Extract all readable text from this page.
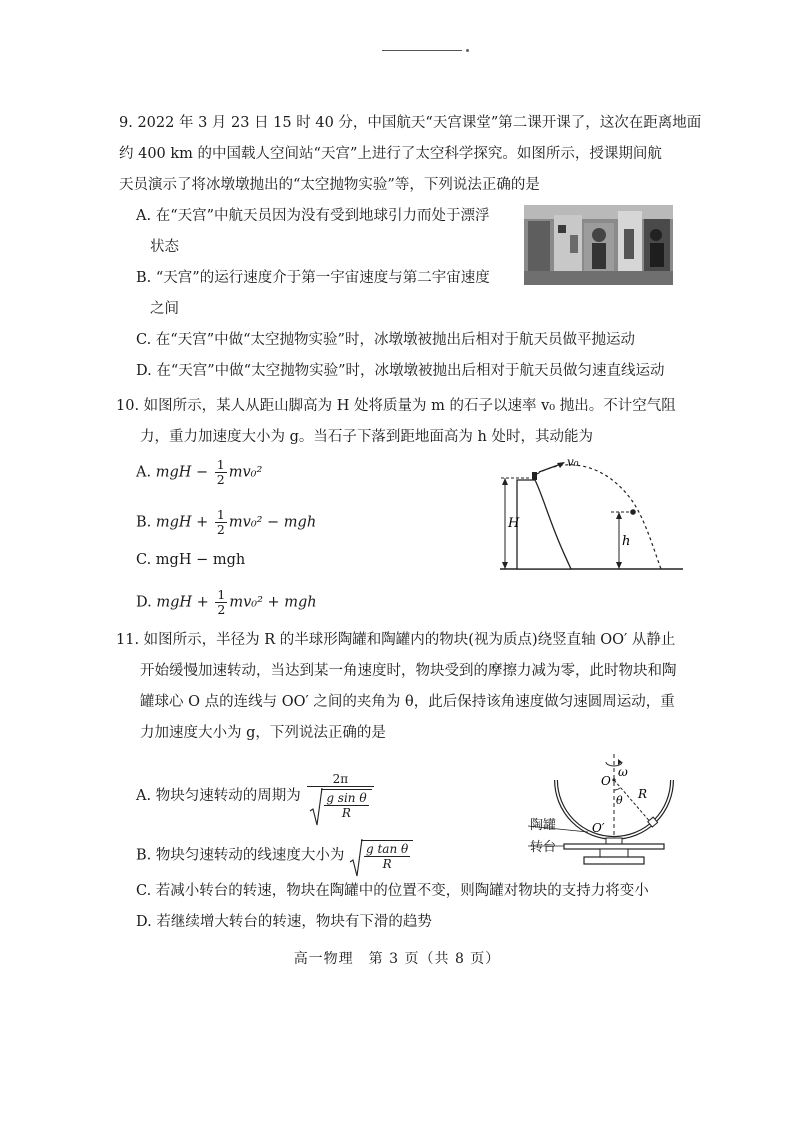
9. 2022 年 3 月 23 日 15 时 40 分，中国航天“天宫课堂”第二课开课了，这次在距离地面
约 400 km 的中国载人空间站“天宫”上进行了太空科学探究。如图所示，授课期间航
天员演示了将冰墩墩抛出的“太空抛物实验”等，下列说法正确的是
A. 在“天宫”中航天员因为没有受到地球引力而处于漂浮
状态
B. “天宫”的运行速度介于第一宇宙速度与第二宇宙速度
之间
C. 在“天宫”中做“太空抛物实验”时，冰墩墩被抛出后相对于航天员做平抛运动
D. 在“天宫”中做“太空抛物实验”时，冰墩墩被抛出后相对于航天员做匀速直线运动
10. 如图所示，某人从距山脚高为 H 处将质量为 m 的石子以速率 v₀ 抛出。不计空气阻
力，重力加速度大小为 g。当石子下落到距地面高为 h 处时，其动能为
A. mgH − $\frac{1}{2} mv_0^2$
B. mgH + $\frac{1}{2} mv_0^2$ − mgh
C. mgH − mgh
D. mgH + $\frac{1}{2} mv_0^2$ + mgh
H
v₀
h
11. 如图所示，半径为 R 的半球形陶罐和陶罐内的物块(视为质点)绕竖直轴 OO′ 从静止
开始缓慢加速转动，当达到某一角速度时，物块受到的摩擦力减为零，此时物块和陶
罐球心 O 点的连线与 OO′ 之间的夹角为 θ，此后保持该角速度做匀速圆周运动，重
力加速度大小为 g，下列说法正确的是
A. 物块匀速转动的周期为 $\frac{2\pi}{\frac{\text{g sin θ}}{R}}$
B. 物块匀速转动的线速度大小为 $\frac{\text{g tan θ}}{R}$
C. 若减小转台的转速，物块在陶罐中的位置不变，则陶罐对物块的支持力将变小
D. 若继续增大转台的转速，物块有下滑的趋势
ω
O
R
θ
O′
陶罐
转台
高一物理　第 3 页（共 8 页）
